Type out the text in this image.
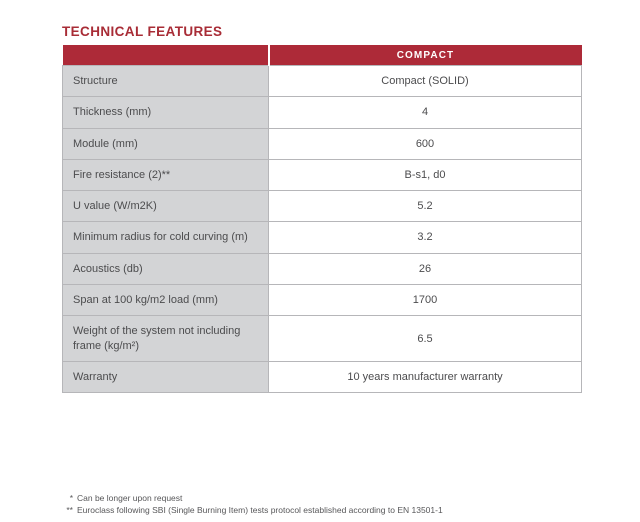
TECHNICAL FEATURES
	COMPACT
Structure	Compact (SOLID)
Thickness (mm)	4
Module (mm)	600
Fire resistance (2)**	B-s1, d0
U value (W/m2K)	5.2
Minimum radius for cold curving (m)	3.2
Acoustics (db)	26
Span at 100 kg/m2 load (mm)	1700
Weight of the system not including frame (kg/m²)	6.5
Warranty	10 years manufacturer warranty
* Can be longer upon request
** Euroclass following SBI (Single Burning Item) tests protocol established according to EN 13501-1
